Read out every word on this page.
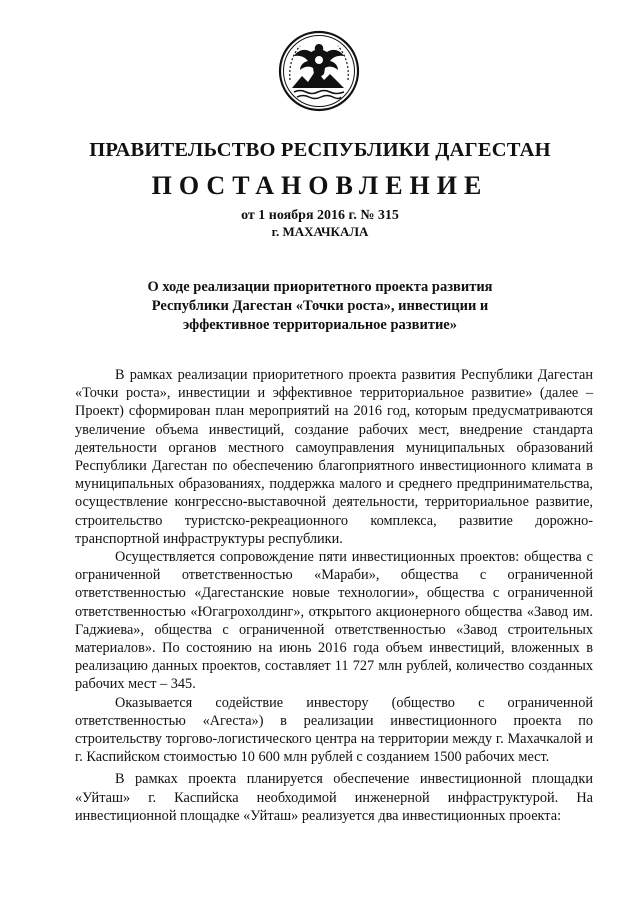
ПРАВИТЕЛЬСТВО РЕСПУБЛИКИ ДАГЕСТАН
ПОСТАНОВЛЕНИЕ
от 1 ноября 2016 г. № 315
г. МАХАЧКАЛА
О ходе реализации приоритетного проекта развития Республики Дагестан «Точки роста», инвестиции и эффективное территориальное развитие»

В рамках реализации приоритетного проекта развития Республики Дагестан «Точки роста», инвестиции и эффективное территориальное развитие» (далее – Проект) сформирован план мероприятий на 2016 год, которым предусматриваются увеличение объема инвестиций, создание рабочих мест, внедрение стандарта деятельности органов местного самоуправления муниципальных образований Республики Дагестан по обеспечению благоприятного инвестиционного климата в муниципальных образованиях, поддержка малого и среднего предпринимательства, осуществление конгрессно-выставочной деятельности, территориальное развитие, строительство туристско-рекреационного комплекса, развитие дорожно-транспортной инфраструктуры республики.

Осуществляется сопровождение пяти инвестиционных проектов: общества с ограниченной ответственностью «Мараби», общества с ограниченной ответственностью «Дагестанские новые технологии», общества с ограниченной ответственностью «Югагрохолдинг», открытого акционерного общества «Завод им. Гаджиева», общества с ограниченной ответственностью «Завод строительных материалов». По состоянию на июнь 2016 года объем инвестиций, вложенных в реализацию данных проектов, составляет 11 727 млн рублей, количество созданных рабочих мест – 345.

Оказывается содействие инвестору (общество с ограниченной ответственностью «Агеста») в реализации инвестиционного проекта по строительству торгово-логистического центра на территории между г. Махачкалой и г. Каспийском стоимостью 10 600 млн рублей с созданием 1500 рабочих мест.

В рамках проекта планируется обеспечение инвестиционной площадки «Уйташ» г. Каспийска необходимой инженерной инфраструктурой. На инвестиционной площадке «Уйташ» реализуется два инвестиционных проекта:
